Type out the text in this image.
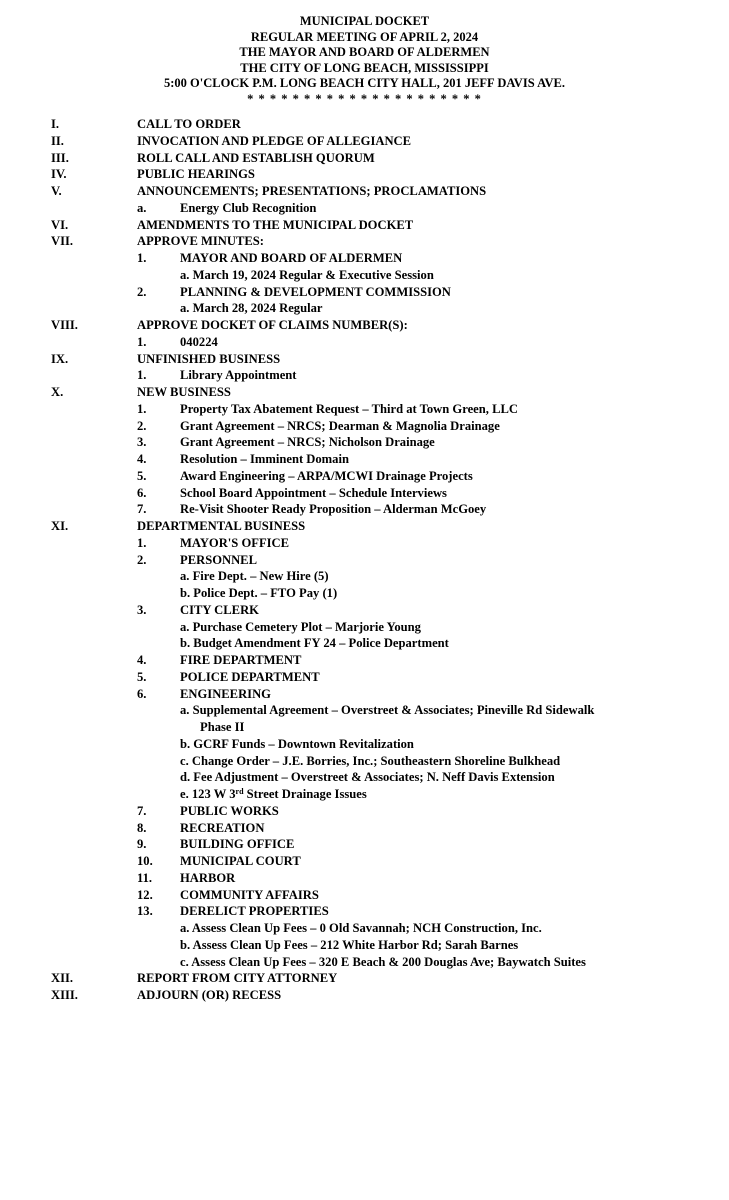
MUNICIPAL DOCKET
REGULAR MEETING OF APRIL 2, 2024
THE MAYOR AND BOARD OF ALDERMEN
THE CITY OF LONG BEACH, MISSISSIPPI
5:00 O'CLOCK P.M. LONG BEACH CITY HALL, 201 JEFF DAVIS AVE.
* * * * * * * * * * * * * * * * * * * * *
I.	CALL TO ORDER
II.	INVOCATION AND PLEDGE OF ALLEGIANCE
III.	ROLL CALL AND ESTABLISH QUORUM
IV.	PUBLIC HEARINGS
V.	ANNOUNCEMENTS; PRESENTATIONS; PROCLAMATIONS
a.	Energy Club Recognition
VI.	AMENDMENTS TO THE MUNICIPAL DOCKET
VII.	APPROVE MINUTES:
1.	MAYOR AND BOARD OF ALDERMEN
a. March 19, 2024 Regular & Executive Session
2.	PLANNING & DEVELOPMENT COMMISSION
a. March 28, 2024 Regular
VIII.	APPROVE DOCKET OF CLAIMS NUMBER(S):
1.	040224
IX.	UNFINISHED BUSINESS
1.	Library Appointment
X.	NEW BUSINESS
1.	Property Tax Abatement Request – Third at Town Green, LLC
2.	Grant Agreement – NRCS; Dearman & Magnolia Drainage
3.	Grant Agreement – NRCS; Nicholson Drainage
4.	Resolution – Imminent Domain
5.	Award Engineering – ARPA/MCWI Drainage Projects
6.	School Board Appointment – Schedule Interviews
7.	Re-Visit Shooter Ready Proposition – Alderman McGoey
XI.	DEPARTMENTAL BUSINESS
1.	MAYOR'S OFFICE
2.	PERSONNEL
a. Fire Dept. – New Hire (5)
b. Police Dept. – FTO Pay (1)
3.	CITY CLERK
a. Purchase Cemetery Plot – Marjorie Young
b. Budget Amendment FY 24 – Police Department
4.	FIRE DEPARTMENT
5.	POLICE DEPARTMENT
6.	ENGINEERING
a. Supplemental Agreement – Overstreet & Associates; Pineville Rd Sidewalk
Phase II
b. GCRF Funds – Downtown Revitalization
c. Change Order – J.E. Borries, Inc.; Southeastern Shoreline Bulkhead
d. Fee Adjustment – Overstreet & Associates; N. Neff Davis Extension
e. 123 W 3rd Street Drainage Issues
7.	PUBLIC WORKS
8.	RECREATION
9.	BUILDING OFFICE
10. MUNICIPAL COURT
11. HARBOR
12. COMMUNITY AFFAIRS
13. DERELICT PROPERTIES
a. Assess Clean Up Fees – 0 Old Savannah; NCH Construction, Inc.
b. Assess Clean Up Fees – 212 White Harbor Rd; Sarah Barnes
c. Assess Clean Up Fees – 320 E Beach & 200 Douglas Ave; Baywatch Suites
XII.	REPORT FROM CITY ATTORNEY
XIII.	ADJOURN (OR) RECESS
